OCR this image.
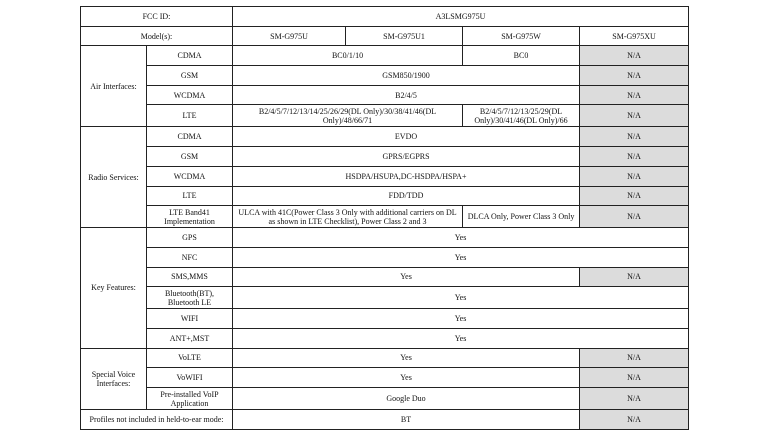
FCC ID:		A3LSMG975U			
Model(s):		SM-G975U	SM-G975U1	SM-G975W	SM-G975XU
Air Interfaces:	CDMA	BC0/1/10		BC0	N/A
	GSM	GSM850/1900			N/A
	WCDMA	B2/4/5			N/A
	LTE	B2/4/5/7/12/13/14/25/26/29(DL Only)/30/38/41/46(DL Only)/48/66/71		B2/4/5/7/12/13/25/29(DL Only)/30/41/46(DL Only)/66	N/A
Radio Services:	CDMA	EVDO			N/A
	GSM	GPRS/EGPRS			N/A
	WCDMA	HSDPA/HSUPA,DC-HSDPA/HSPA+			N/A
	LTE	FDD/TDD			N/A
	LTE Band41 Implementation	ULCA with 41C(Power Class 3 Only with additional carriers on DL as shown in LTE Checklist), Power Class 2 and 3		DLCA Only, Power Class 3 Only	N/A
Key Features:	GPS	Yes			
	NFC	Yes			
	SMS,MMS	Yes			N/A
	Bluetooth(BT), Bluetooth LE	Yes			
	WIFI	Yes			
	ANT+,MST	Yes			
Special Voice Interfaces:	VoLTE	Yes			N/A
	VoWIFI	Yes			N/A
	Pre-installed VoIP Application	Google Duo			N/A
Profiles not included in held-to-ear mode:		BT			N/A
